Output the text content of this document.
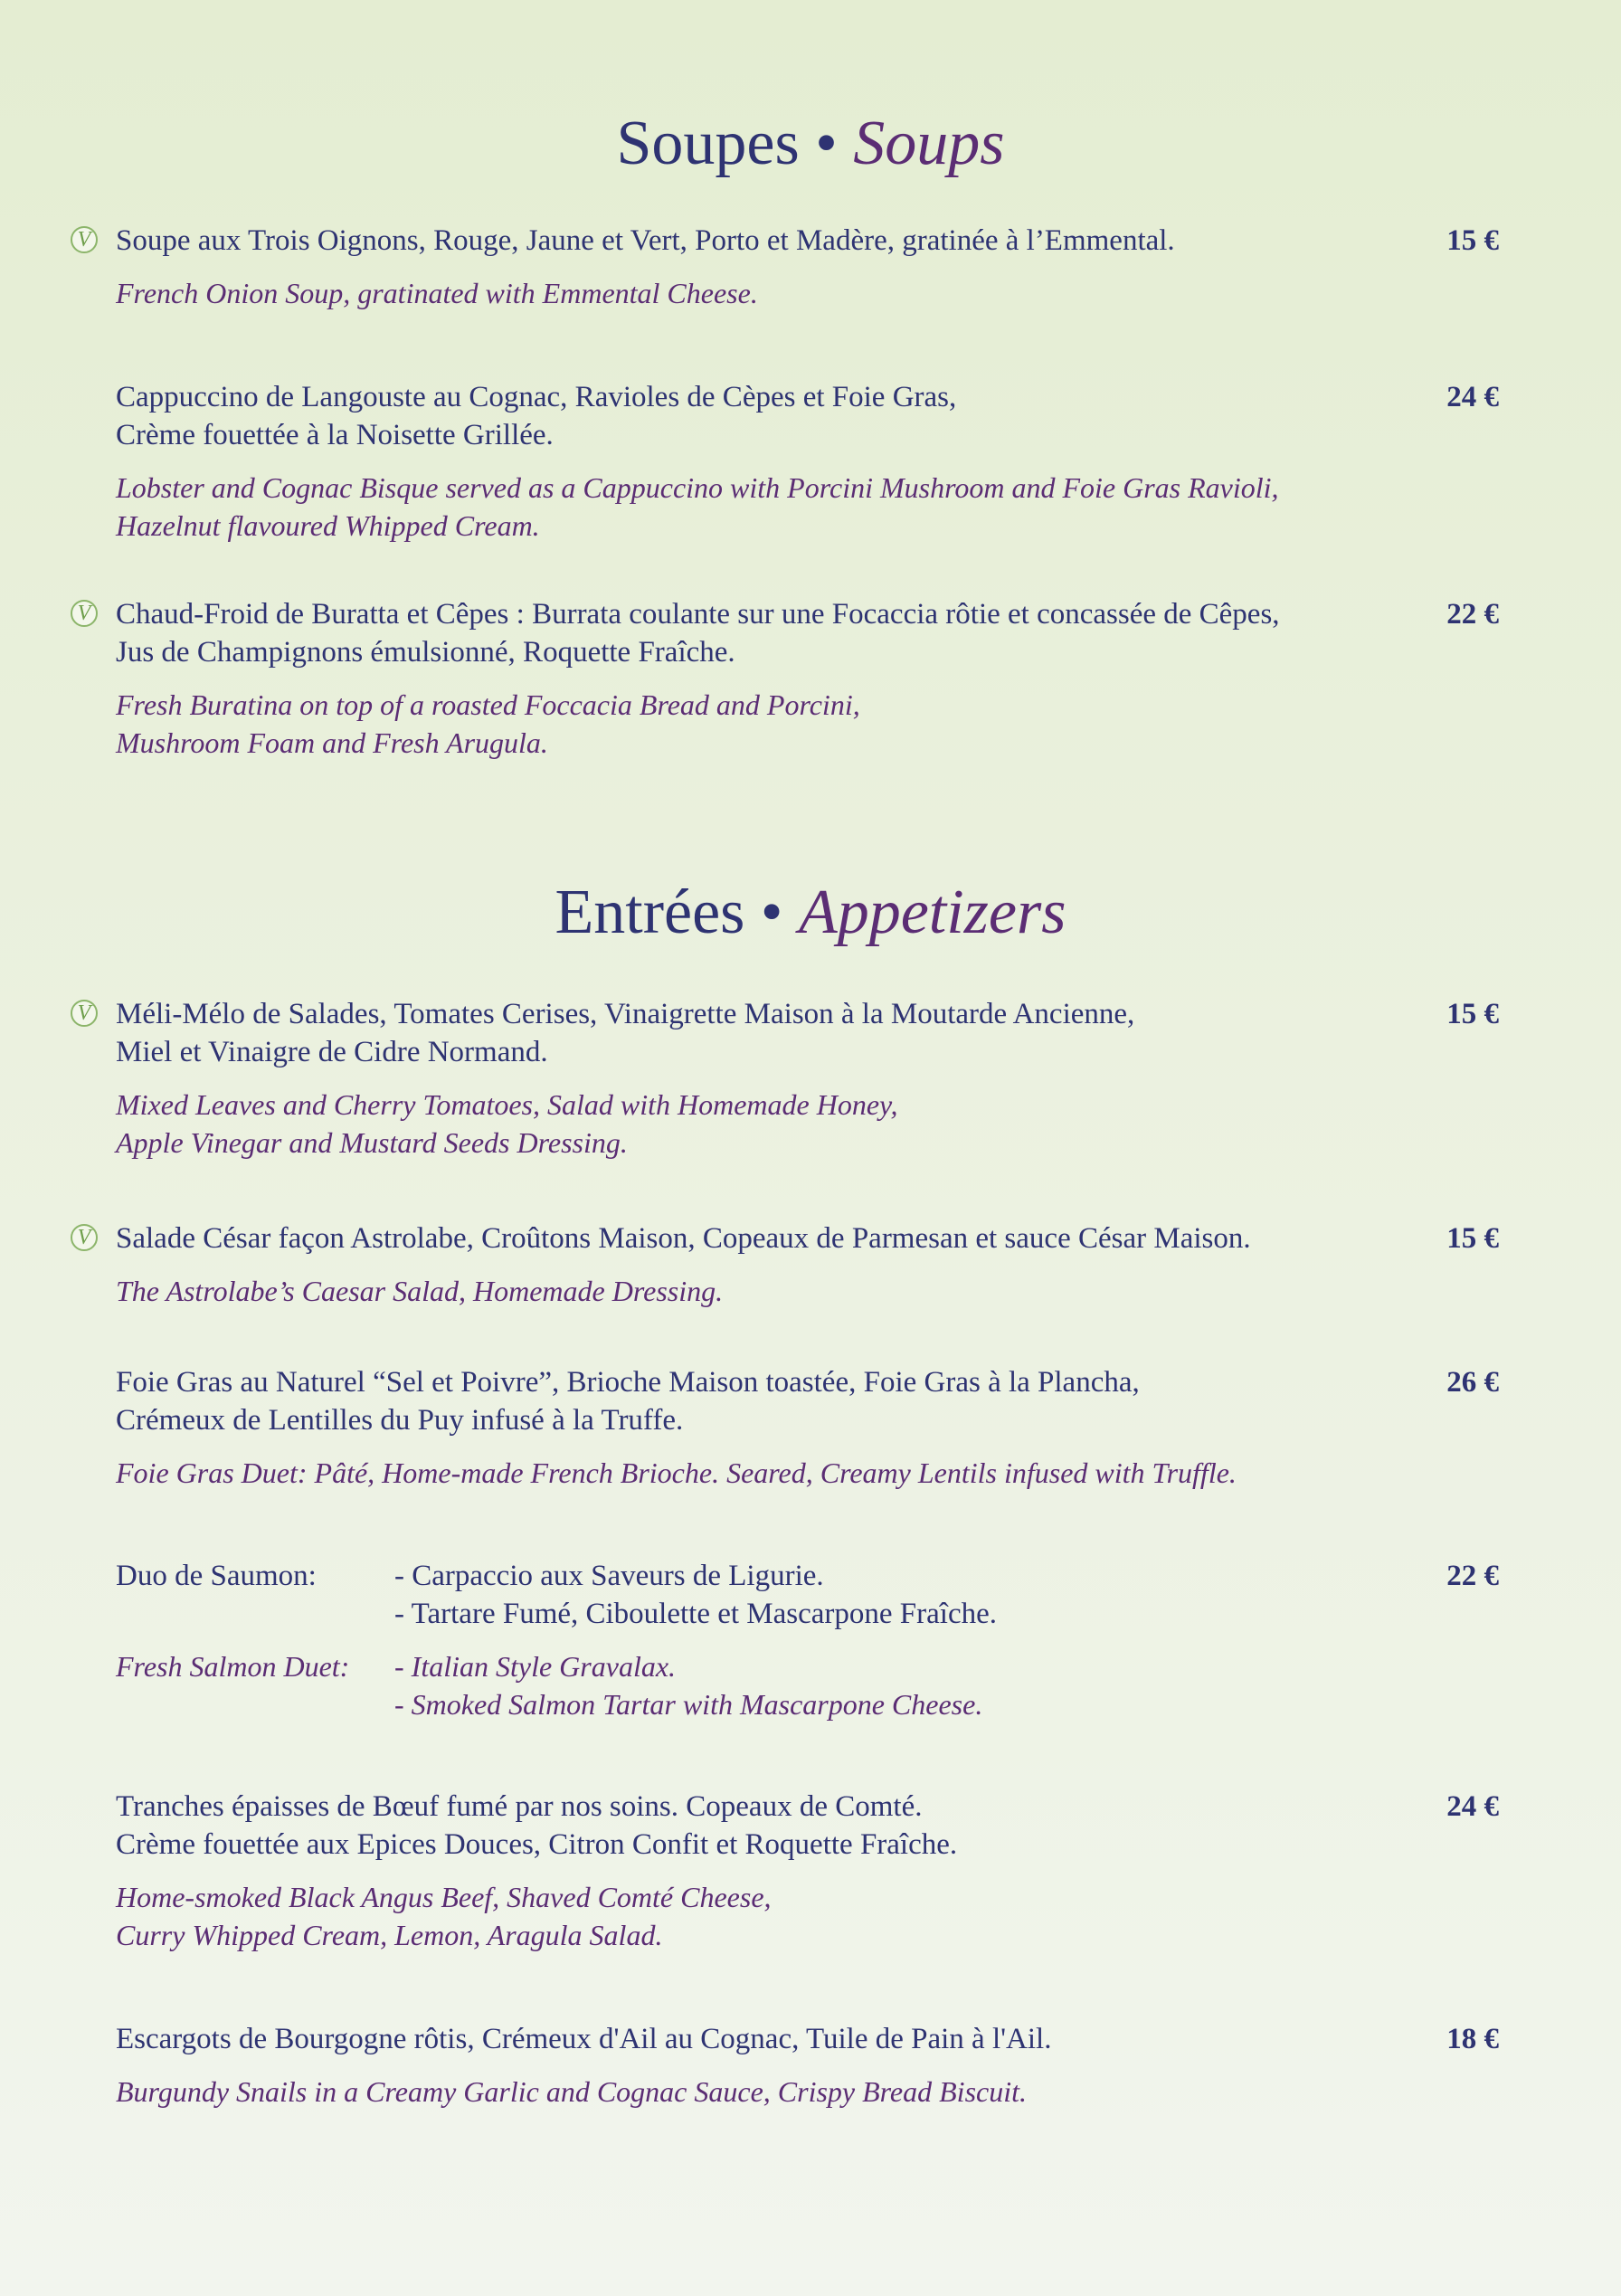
Soupes • Soups
V Soupe aux Trois Oignons, Rouge, Jaune et Vert, Porto et Madère, gratinée à l’Emmental.
French Onion Soup, gratinated with Emmental Cheese.
15 €
Cappuccino de Langouste au Cognac, Ravioles de Cèpes et Foie Gras,
Crème fouettée à la Noisette Grillée.
Lobster and Cognac Bisque served as a Cappuccino with Porcini Mushroom and Foie Gras Ravioli,
Hazelnut flavoured Whipped Cream.
24 €
V Chaud-Froid de Buratta et Cêpes : Burrata coulante sur une Focaccia rôtie et concassée de Cêpes,
Jus de Champignons émulsionné, Roquette Fraîche.
Fresh Buratina on top of a roasted Foccacia Bread and Porcini,
Mushroom Foam and Fresh Arugula.
22 €
Entrées • Appetizers
V Méli-Mélo de Salades, Tomates Cerises, Vinaigrette Maison à la Moutarde Ancienne,
Miel et Vinaigre de Cidre Normand.
Mixed Leaves and Cherry Tomatoes, Salad with Homemade Honey,
Apple Vinegar and Mustard Seeds Dressing.
15 €
V Salade César façon Astrolabe, Croûtons Maison, Copeaux de Parmesan et sauce César Maison.
The Astrolabe’s Caesar Salad, Homemade Dressing.
15 €
Foie Gras au Naturel “Sel et Poivre”, Brioche Maison toastée, Foie Gras à la Plancha,
Crémeux de Lentilles du Puy infusé à la Truffe.
Foie Gras Duet: Pâté, Home-made French Brioche. Seared, Creamy Lentils infused with Truffle.
26 €
Duo de Saumon:	- Carpaccio aux Saveurs de Ligurie.
- Tartare Fumé, Ciboulette et Mascarpone Fraîche.
Fresh Salmon Duet:	- Italian Style Gravalax.
- Smoked Salmon Tartar with Mascarpone Cheese.
22 €
Tranches épaisses de Bœuf fumé par nos soins. Copeaux de Comté.
Crème fouettée aux Epices Douces, Citron Confit et Roquette Fraîche.
Home-smoked Black Angus Beef, Shaved Comté Cheese,
Curry Whipped Cream, Lemon, Aragula Salad.
24 €
Escargots de Bourgogne rôtis, Crémeux d'Ail au Cognac, Tuile de Pain à l'Ail.
Burgundy Snails in a Creamy Garlic and Cognac Sauce, Crispy Bread Biscuit.
18 €
